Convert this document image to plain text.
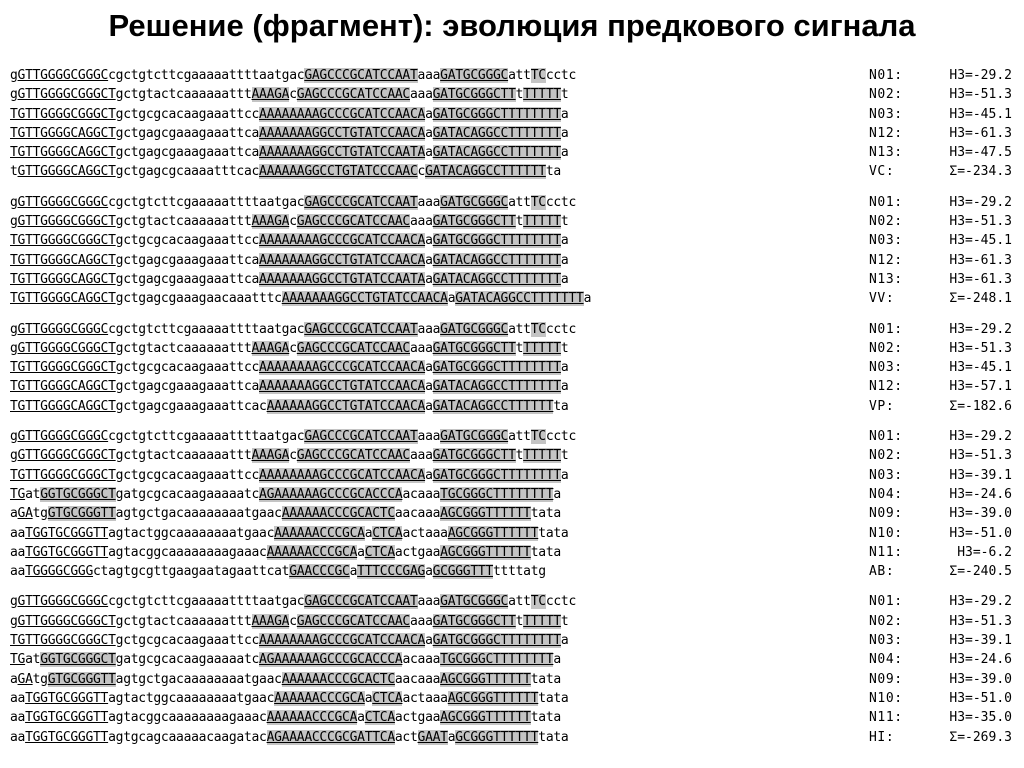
Решение (фрагмент): эволюция предкового сигнала
gGTTGGGGCGGGCcgctgtcttcgaaaaattttaatgacGAGCCCGCATCCAATaaaGATGCGGGCattTCcctc	N01:	H3=-29.2
gGTTGGGGCGGGCTgctgtactcaaaaaatttAAAGAcGAGCCCGCATCCAACaaaGATGCGGGCTTtTTTTTt	N02:	H3=-51.3
TGTTGGGGCGGGCTgctgcgcacaagaaattccAAAAAAAAGCCCGCATCCAACAaGATGCGGGCTTTTTTTTa	N03:	H3=-45.1
TGTTGGGGCAGGCTgctgagcgaaagaaattcaAAAAAAAGGCCTGTATCCAACAaGATACAGGCCTTTTTTTa	N12:	H3=-61.3
TGTTGGGGCAGGCTgctgagcgaaagaaattcaAAAAAAAGGCCTGTATCCAATAaGATACAGGCCTTTTTTTa	N13:	H3=-47.5
tGTTGGGGCAGGCTgctgagcgcaaaatttcacAAAAAAGGCCTGTATCCCAACcGATACAGGCCTTTTTTta	VC:	Σ=-234.3
gGTTGGGGCGGGCcgctgtcttcgaaaaattttaatgacGAGCCCGCATCCAATaaaGATGCGGGCattTCcctc	N01:	H3=-29.2
gGTTGGGGCGGGCTgctgtactcaaaaaatttAAAGAcGAGCCCGCATCCAACaaaGATGCGGGCTTtTTTTTt	N02:	H3=-51.3
TGTTGGGGCGGGCTgctgcgcacaagaaattccAAAAAAAAGCCCGCATCCAACAaGATGCGGGCTTTTTTTTa	N03:	H3=-45.1
TGTTGGGGCAGGCTgctgagcgaaagaaattcaAAAAAAAGGCCTGTATCCAACAaGATACAGGCCTTTTTTTa	N12:	H3=-61.3
TGTTGGGGCAGGCTgctgagcgaaagaaattcaAAAAAAAGGCCTGTATCCAATAaGATACAGGCCTTTTTTTa	N13:	H3=-61.3
TGTTGGGGCAGGCTgctgagcgaaagaacaaatttcAAAAAAAGGCCTGTATCCAACAaGATACAGGCCTTTTTTTa	VV:	Σ=-248.1
gGTTGGGGCGGGCcgctgtcttcgaaaaattttaatgacGAGCCCGCATCCAATaaaGATGCGGGCattTCcctc	N01:	H3=-29.2
gGTTGGGGCGGGCTgctgtactcaaaaaatttAAAGAcGAGCCCGCATCCAACaaaGATGCGGGCTTtTTTTTt	N02:	H3=-51.3
TGTTGGGGCGGGCTgctgcgcacaagaaattccAAAAAAAAGCCCGCATCCAACAaGATGCGGGCTTTTTTTTa	N03:	H3=-45.1
TGTTGGGGCAGGCTgctgagcgaaagaaattcaAAAAAAAGGCCTGTATCCAACAaGATACAGGCCTTTTTTTa	N12:	H3=-57.1
TGTTGGGGCAGGCTgctgagcgaaagaaattcacAAAAAAGGCCTGTATCCAACAaGATACAGGCCTTTTTTta	VP:	Σ=-182.6
gGTTGGGGCGGGCcgctgtcttcgaaaaattttaatgacGAGCCCGCATCCAATaaaGATGCGGGCattTCcctc	N01:	H3=-29.2
gGTTGGGGCGGGCTgctgtactcaaaaaatttAAAGAcGAGCCCGCATCCAACaaaGATGCGGGCTTtTTTTTt	N02:	H3=-51.3
TGTTGGGGCGGGCTgctgcgcacaagaaattccAAAAAAAAGCCCGCATCCAACAaGATGCGGGCTTTTTTTTa	N03:	H3=-39.1
TGatGGTGCGGGCTgatgcgcacaagaaaaatcAGAAAAAAGCCCGCACCCAacaaaTGCGGGCTTTTTTTTa	N04:	H3=-24.6
aGAtgGTGCGGGTTagtgctgacaaaaaaaatgaacAAAAAACCCGCACTCaacaaaAGCGGGTTTTTTtata	N09:	H3=-39.0
aaTGGTGCGGGTTagtactggcaaaaaaaatgaacAAAAAACCCGCAaCTCAactaaaAGCGGGTTTTTTtata	N10:	H3=-51.0
aaTGGTGCGGGTTagtacggcaaaaaaaagaaacAAAAAACCCGCAaCTCAactgaaAGCGGGTTTTTTtata	N11:	H3=-6.2
aaTGGGGCGGGctagtgcgttgaagaatagaattcatGAACCCGCaTTTCCCGAGaGCGGGTTTttttatg	AB:	Σ=-240.5
gGTTGGGGCGGGCcgctgtcttcgaaaaattttaatgacGAGCCCGCATCCAATaaaGATGCGGGCattTCcctc	N01:	H3=-29.2
gGTTGGGGCGGGCTgctgtactcaaaaaatttAAAGAcGAGCCCGCATCCAACaaaGATGCGGGCTTtTTTTTt	N02:	H3=-51.3
TGTTGGGGCGGGCTgctgcgcacaagaaattccAAAAAAAAGCCCGCATCCAACAaGATGCGGGCTTTTTTTTa	N03:	H3=-39.1
TGatGGTGCGGGCTgatgcgcacaagaaaaatcAGAAAAAAGCCCGCACCCAacaaaTGCGGGCTTTTTTTTa	N04:	H3=-24.6
aGAtgGTGCGGGTTagtgctgacaaaaaaaatgaacAAAAAACCCGCACTCaacaaaAGCGGGTTTTTTtata	N09:	H3=-39.0
aaTGGTGCGGGTTagtactggcaaaaaaaatgaacAAAAAACCCGCAaCTCAactaaaAGCGGGTTTTTTtata	N10:	H3=-51.0
aaTGGTGCGGGTTagtacggcaaaaaaaagaaacAAAAAACCCGCAaCTCAactgaaAGCGGGTTTTTTtata	N11:	H3=-35.0
aaTGGTGCGGGTTagtgcagcaaaaacaagatacAGAAAACCCGCGATTCAactGAATaGCGGGTTTTTTtata	HI:	Σ=-269.3
